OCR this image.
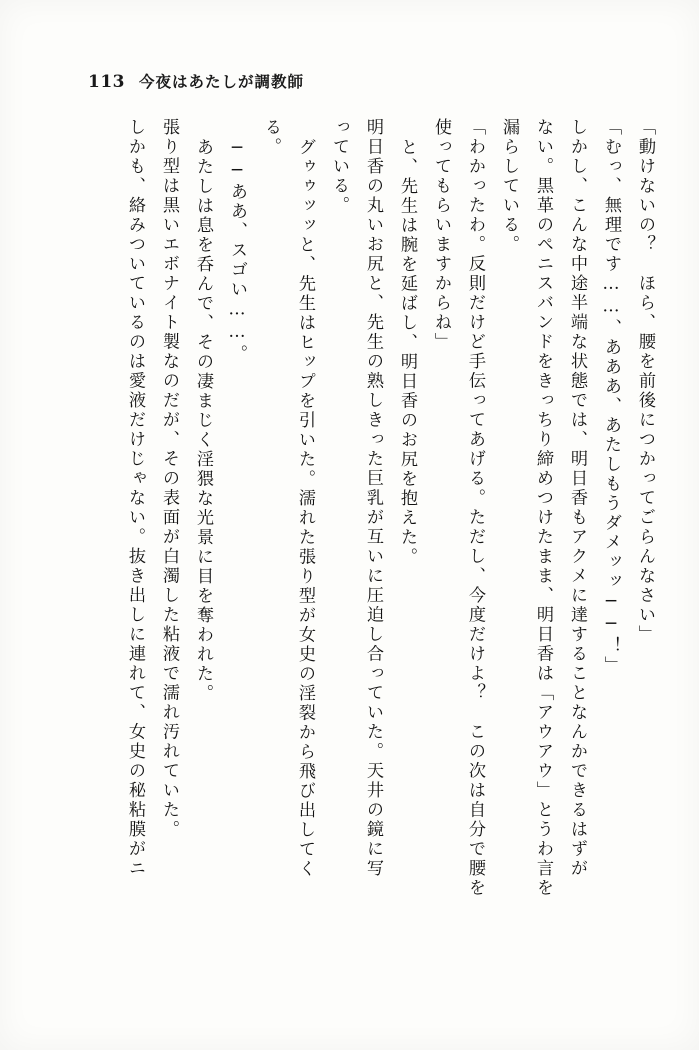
113 今夜はあたしが調教師
「動けないの？　ほら、腰を前後につかってごらんなさい」
「むっ、無理です……、あああ、あたしもうダメッッ──！」
しかし、こんな中途半端な状態では、明日香もアクメに達することなんかできるはずが
ない。黒革のペニスバンドをきっちり締めつけたまま、明日香は「アウアウ」とうわ言を
漏らしている。
「わかったわ。反則だけど手伝ってあげる。ただし、今度だけよ？　この次は自分で腰を
使ってもらいますからね」
と、先生は腕を延ばし、明日香のお尻を抱えた。
明日香の丸いお尻と、先生の熟しきった巨乳が互いに圧迫し合っていた。天井の鏡に写
っている。
グゥゥッッと、先生はヒップを引いた。濡れた張り型が女史の淫裂から飛び出してく
る。
──ああ、スゴい……。
あたしは息を呑んで、その凄まじく淫猥な光景に目を奪われた。
張り型は黒いエボナイト製なのだが、その表面が白濁した粘液で濡れ汚れていた。
しかも、絡みついているのは愛液だけじゃない。抜き出しに連れて、女史の秘粘膜がニ
